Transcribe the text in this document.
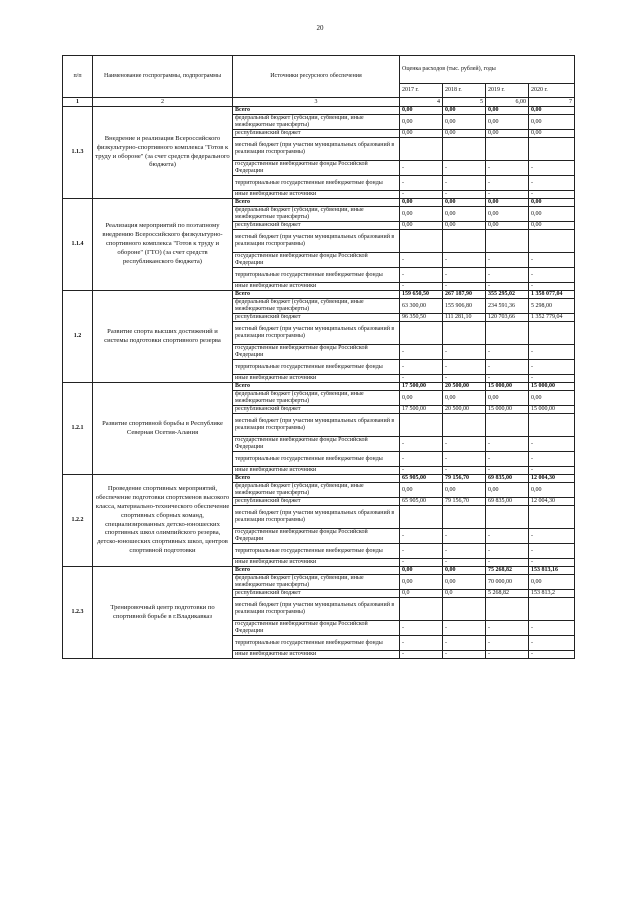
20
п/п	Наименование госпрограммы, подпрограммы	Источники ресурсного обеспечения	Оценка расходов (тыс. рублей), годы			
			2017 г.	2018 г.	2019 г.	2020 г.
1	2	3	4	5	6,00	7
1.1.3	Внедрение и реализация Всероссийского физкультурно-спортивного комплекса "Готов к труду и обороне" (за счет средств федерального бюджета)	Всего	0,00	0,00	0,00	0,00
		федеральный бюджет (субсидии, субвенции, иные межбюджетные трансферты)	0,00	0,00	0,00	0,00
		республиканский бюджет	0,00	0,00	0,00	0,00
		местный бюджет (при участии муниципальных образований в реализации госпрограммы)				
		государственные внебюджетные фонды Российской Федерации	-	-	-	-
		территориальные государственные внебюджетные фонды	-	-	-	-
		иные внебюджетные источники	-	-	-	-
1.1.4	Реализация мероприятий по поэтапному внедрению Всероссийского физкультурно-спортивного комплекса "Готов к труду и обороне" (ГТО) (за счет средств республиканского бюджета)	Всего	0,00	0,00	0,00	0,00
		федеральный бюджет (субсидии, субвенции, иные межбюджетные трансферты)	0,00	0,00	0,00	0,00
		республиканский бюджет	0,00	0,00	0,00	0,00
		местный бюджет (при участии муниципальных образований в реализации госпрограммы)				
		государственные внебюджетные фонды Российской Федерации	-	-	-	-
		территориальные государственные внебюджетные фонды	-	-	-	-
		иные внебюджетные источники	-	-	-	-
1.2	Развитие спорта высших достижений и системы подготовки спортивного резерва	Всего	159 650,50	267 187,90	355 295,02	1 358 077,04
		федеральный бюджет (субсидии, субвенции, иные межбюджетные трансферты)	63 300,00	155 906,80	234 591,36	5 298,00
		республиканский бюджет	96 350,50	111 281,10	120 703,66	1 352 779,04
		местный бюджет (при участии муниципальных образований в реализации госпрограммы)				
		государственные внебюджетные фонды Российской Федерации	-	-	-	-
		территориальные государственные внебюджетные фонды	-	-	-	-
		иные внебюджетные источники	-	-	-	-
1.2.1	Развитие спортивной борьбы в Республике Северная Осетия-Алания	Всего	17 500,00	20 500,00	15 000,00	15 000,00
		федеральный бюджет (субсидии, субвенции, иные межбюджетные трансферты)	0,00	0,00	0,00	0,00
		республиканский бюджет	17 500,00	20 500,00	15 000,00	15 000,00
		местный бюджет (при участии муниципальных образований в реализации госпрограммы)				
		государственные внебюджетные фонды Российской Федерации	-	-	-	-
		территориальные государственные внебюджетные фонды	-	-	-	-
		иные внебюджетные источники	-	-	-	-
1.2.2	Проведение спортивных мероприятий, обеспечение подготовки спортсменов высокого класса, материально-технического обеспечение спортивных сборных команд, специализированных детско-юношеских спортивных школ олимпийского резерва, детско-юношеских спортивных школ, центров спортивной подготовки	Всего	65 905,00	79 156,70	69 835,00	12 004,30
		федеральный бюджет (субсидии, субвенции, иные межбюджетные трансферты)	0,00	0,00	0,00	0,00
		республиканский бюджет	65 905,00	79 156,70	69 835,00	12 004,30
		местный бюджет (при участии муниципальных образований в реализации госпрограммы)				
		государственные внебюджетные фонды Российской Федерации	-	-	-	-
		территориальные государственные внебюджетные фонды	-	-	-	-
		иные внебюджетные источники	-	-	-	-
1.2.3	Тренировочный центр подготовки по спортивной борьбе в г.Владикавказ	Всего	0,00	0,00	75 268,82	153 813,16
		федеральный бюджет (субсидии, субвенции, иные межбюджетные трансферты)	0,00	0,00	70 000,00	0,00
		республиканский бюджет	0,0	0,0	5 268,82	153 813,2
		местный бюджет (при участии муниципальных образований в реализации госпрограммы)				
		государственные внебюджетные фонды Российской Федерации	-	-	-	-
		территориальные государственные внебюджетные фонды	-	-	-	-
		иные внебюджетные источники	-	-	-	-
